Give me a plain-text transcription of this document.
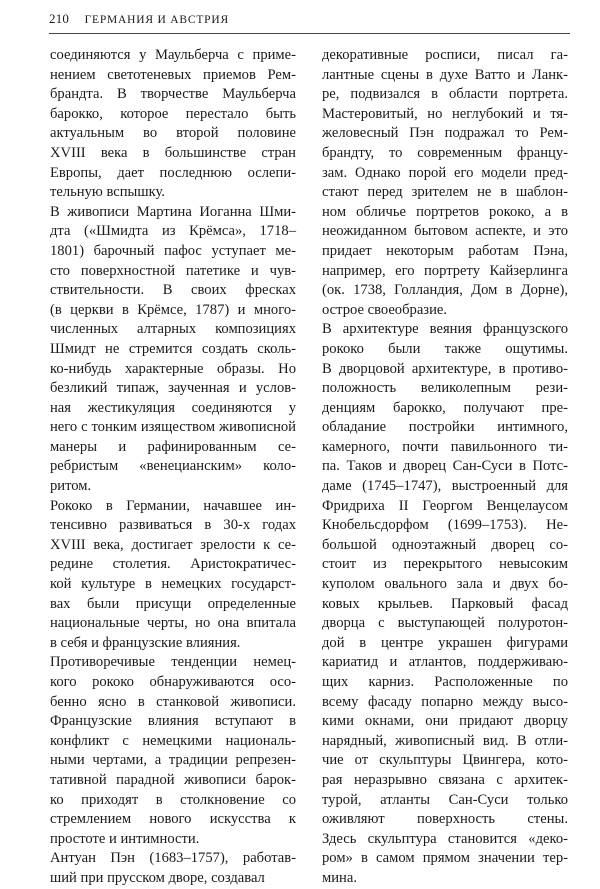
210 ГЕРМАНИЯ И АВСТРИЯ

соединяются у Маульберча с приме-

нением светотеневых приемов Рем-

брандта. В творчестве Маульберча

барокко, которое перестало быть

актуальным во второй половине

XVIII века в большинстве стран

Европы, дает последнюю ослепи-

тельную вспышку.

В живописи Мартина Иоганна Шми-

дта («Шмидта из Крёмса», 1718–

1801) барочный пафос уступает ме-

сто поверхностной патетике и чув-

ствительности. В своих фресках

(в церкви в Крёмсе, 1787) и много-

численных алтарных композициях

Шмидт не стремится создать сколь-

ко-нибудь характерные образы. Но

безликий типаж, заученная и услов-

ная жестикуляция соединяются у

него с тонким изяществом живописной

манеры и рафинированным се-

ребристым «венецианским» коло-

ритом.

Рококо в Германии, начавшее ин-

тенсивно развиваться в 30-х годах

XVIII века, достигает зрелости к се-

редине столетия. Аристократичес-

кой культуре в немецких государст-

вах были присущи определенные

национальные черты, но она впитала

в себя и французские влияния.

Противоречивые тенденции немец-

кого рококо обнаруживаются осо-

бенно ясно в станковой живописи.

Французские влияния вступают в

конфликт с немецкими националь-

ными чертами, а традиции репрезен-

тативной парадной живописи барок-

ко приходят в столкновение со

стремлением нового искусства к

простоте и интимности.

Антуан Пэн (1683–1757), работав-

ший при прусском дворе, создавал

декоративные росписи, писал га-

лантные сцены в духе Ватто и Ланк-

ре, подвизался в области портрета.

Мастеровитый, но неглубокий и тя-

желовесный Пэн подражал то Рем-

брандту, то современным францу-

зам. Однако порой его модели пред-

стают перед зрителем не в шаблон-

ном обличье портретов рококо, а в

неожиданном бытовом аспекте, и это

придает некоторым работам Пэна,

например, его портрету Кайзерлинга

(ок. 1738, Голландия, Дом в Дорне),

острое своеобразие.

В архитектуре веяния французского

рококо были также ощутимы.

В дворцовой архитектуре, в противо-

положность великолепным рези-

денциям барокко, получают пре-

обладание постройки интимного,

камерного, почти павильонного ти-

па. Таков и дворец Сан-Суси в Потс-

даме (1745–1747), выстроенный для

Фридриха II Георгом Венцелаусом

Кнобельсдорфом (1699–1753). Не-

большой одноэтажный дворец со-

стоит из перекрытого невысоким

куполом овального зала и двух бо-

ковых крыльев. Парковый фасад

дворца с выступающей полуротон-

дой в центре украшен фигурами

кариатид и атлантов, поддерживаю-

щих карниз. Расположенные по

всему фасаду попарно между высо-

кими окнами, они придают дворцу

нарядный, живописный вид. В отли-

чие от скульптуры Цвингера, кото-

рая неразрывно связана с архитек-

турой, атланты Сан-Суси только

оживляют поверхность стены.

Здесь скульптура становится «деко-

ром» в самом прямом значении тер-

мина.
